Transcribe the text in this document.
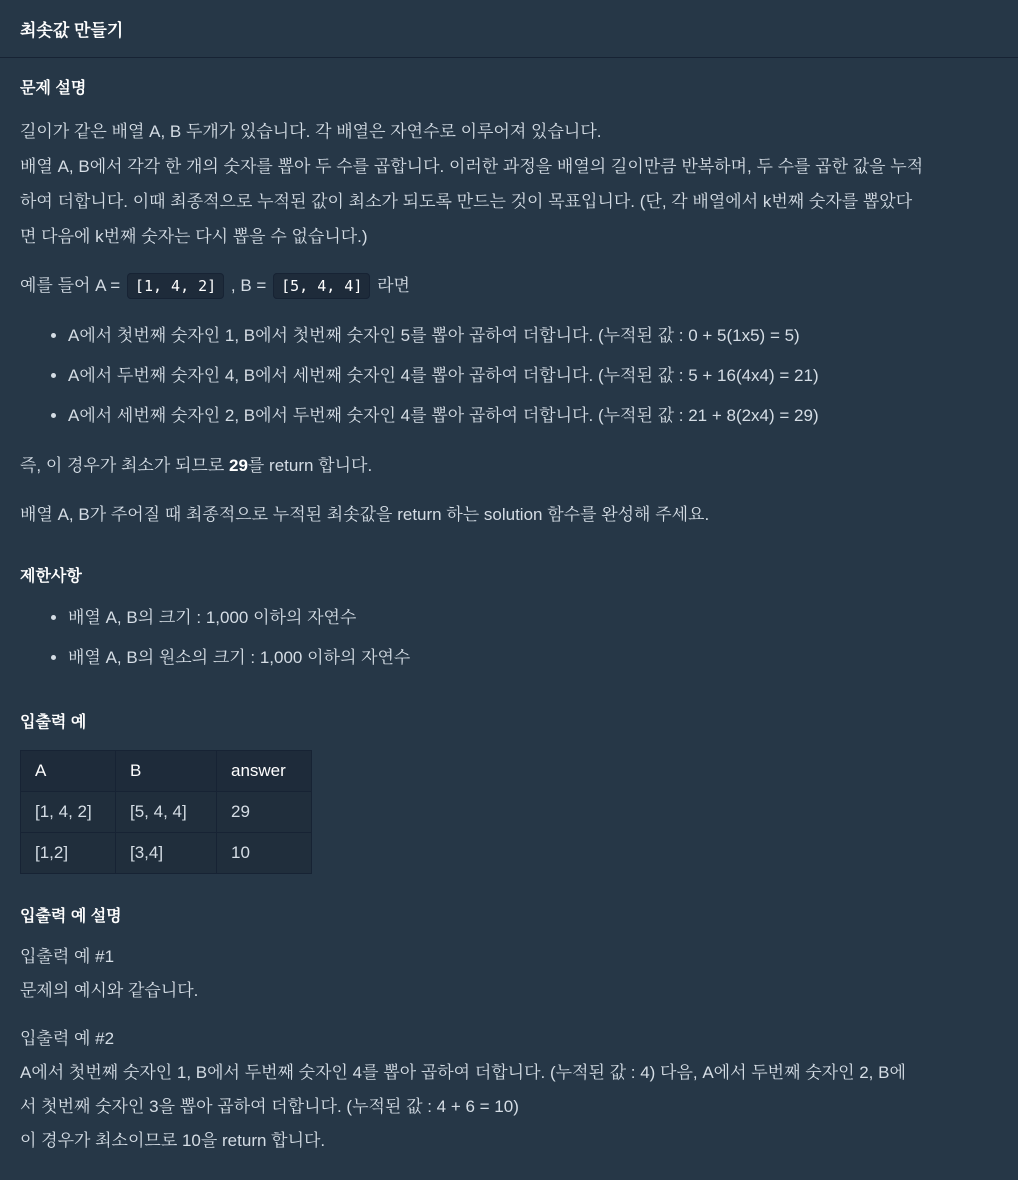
최솟값 만들기
문제 설명

길이가 같은 배열 A, B 두개가 있습니다. 각 배열은 자연수로 이루어져 있습니다.

배열 A, B에서 각각 한 개의 숫자를 뽑아 두 수를 곱합니다. 이러한 과정을 배열의 길이만큼 반복하며, 두 수를 곱한 값을 누적

하여 더합니다. 이때 최종적으로 누적된 값이 최소가 되도록 만드는 것이 목표입니다. (단, 각 배열에서 k번째 숫자를 뽑았다

면 다음에 k번째 숫자는 다시 뽑을 수 없습니다.)

예를 들어 A = [1, 4, 2] , B = [5, 4, 4] 라면

• A에서 첫번째 숫자인 1, B에서 첫번째 숫자인 5를 뽑아 곱하여 더합니다. (누적된 값 : 0 + 5(1x5) = 5)
• A에서 두번째 숫자인 4, B에서 세번째 숫자인 4를 뽑아 곱하여 더합니다. (누적된 값 : 5 + 16(4x4) = 21)
• A에서 세번째 숫자인 2, B에서 두번째 숫자인 4를 뽑아 곱하여 더합니다. (누적된 값 : 21 + 8(2x4) = 29)

즉, 이 경우가 최소가 되므로 29를 return 합니다.

배열 A, B가 주어질 때 최종적으로 누적된 최솟값을 return 하는 solution 함수를 완성해 주세요.

제한사항
• 배열 A, B의 크기 : 1,000 이하의 자연수
• 배열 A, B의 원소의 크기 : 1,000 이하의 자연수
입출력 예
A	B	answer
[1, 4, 2]	[5, 4, 4]	29
[1,2]	[3,4]	10
입출력 예 설명

입출력 예 #1

문제의 예시와 같습니다.

입출력 예 #2

A에서 첫번째 숫자인 1, B에서 두번째 숫자인 4를 뽑아 곱하여 더합니다. (누적된 값 : 4) 다음, A에서 두번째 숫자인 2, B에

서 첫번째 숫자인 3을 뽑아 곱하여 더합니다. (누적된 값 : 4 + 6 = 10)

이 경우가 최소이므로 10을 return 합니다.
